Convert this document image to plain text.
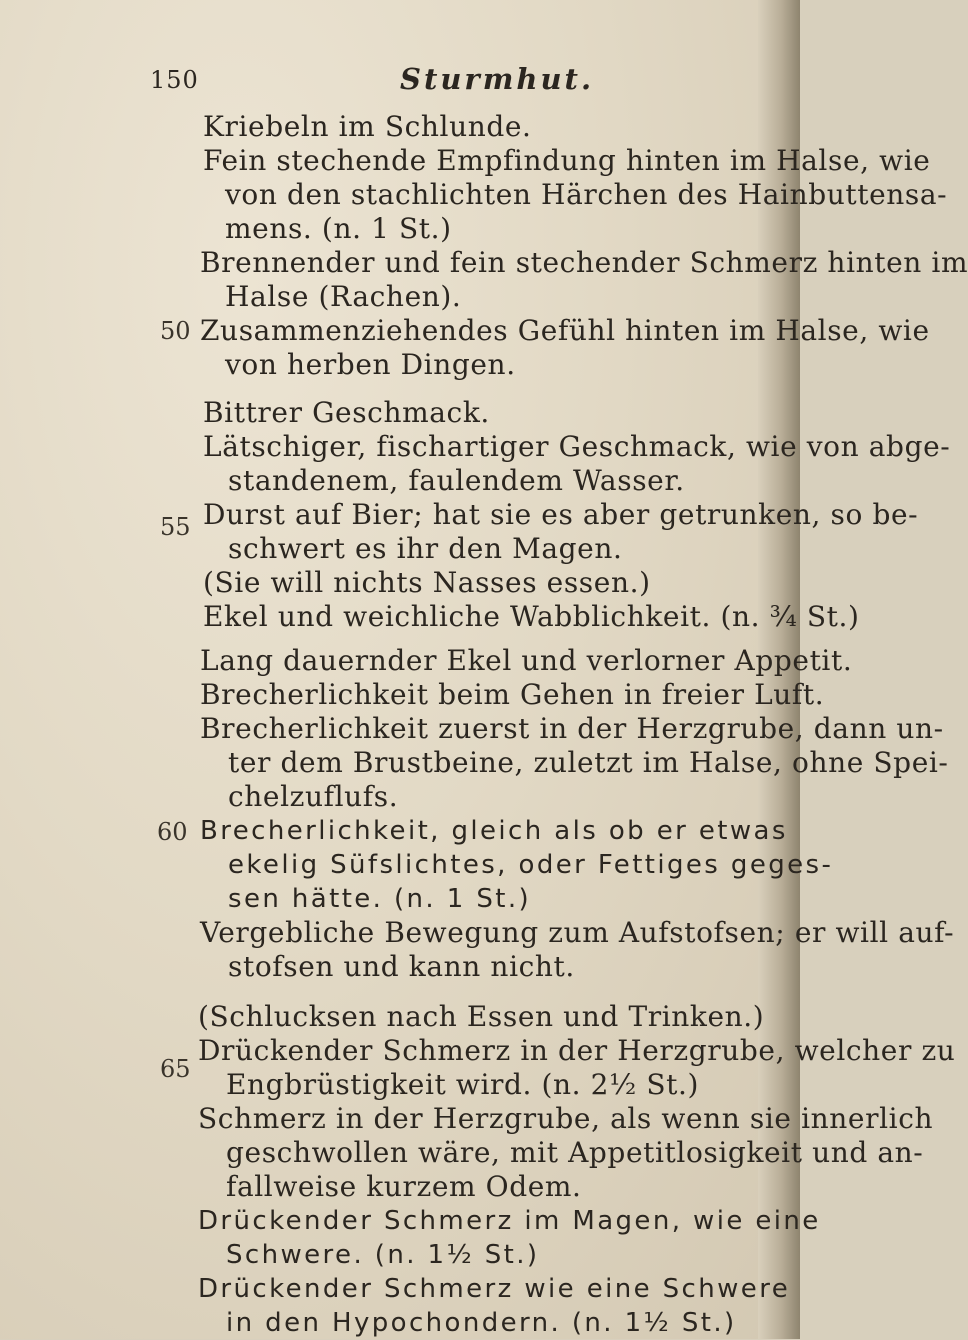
150	Sturmhut.
50
55
60
65
Kriebeln im Schlunde.
Fein stechende Empfindung hinten im Halse, wie
von den stachlichten Härchen des Hainbuttensa-
mens. (n. 1 St.)
Brennender und fein stechender Schmerz hinten im
Halse (Rachen).
Zusammenziehendes Gefühl hinten im Halse, wie
von herben Dingen.
Bittrer Geschmack.
Lätschiger, fischartiger Geschmack, wie von abge-
standenem, faulendem Wasser.
Durst auf Bier; hat sie es aber getrunken, so be-
schwert es ihr den Magen.
(Sie will nichts Nasses essen.)
Ekel und weichliche Wabblichkeit. (n. ¾ St.)
Lang dauernder Ekel und verlorner Appetit.
Brecherlichkeit beim Gehen in freier Luft.
Brecherlichkeit zuerst in der Herzgrube, dann un-
ter dem Brustbeine, zuletzt im Halse, ohne Spei-
chelzuflufs.
Brecherlichkeit, gleich als ob er etwas
ekelig Süfslichtes, oder Fettiges geges-
sen hätte. (n. 1 St.)
Vergebliche Bewegung zum Aufstofsen; er will auf-
stofsen und kann nicht.
(Schlucksen nach Essen und Trinken.)
Drückender Schmerz in der Herzgrube, welcher zu
Engbrüstigkeit wird. (n. 2½ St.)
Schmerz in der Herzgrube, als wenn sie innerlich
geschwollen wäre, mit Appetitlosigkeit und an-
fallweise kurzem Odem.
Drückender Schmerz im Magen, wie eine
Schwere. (n. 1½ St.)
Drückender Schmerz wie eine Schwere
in den Hypochondern. (n. 1½ St.)
